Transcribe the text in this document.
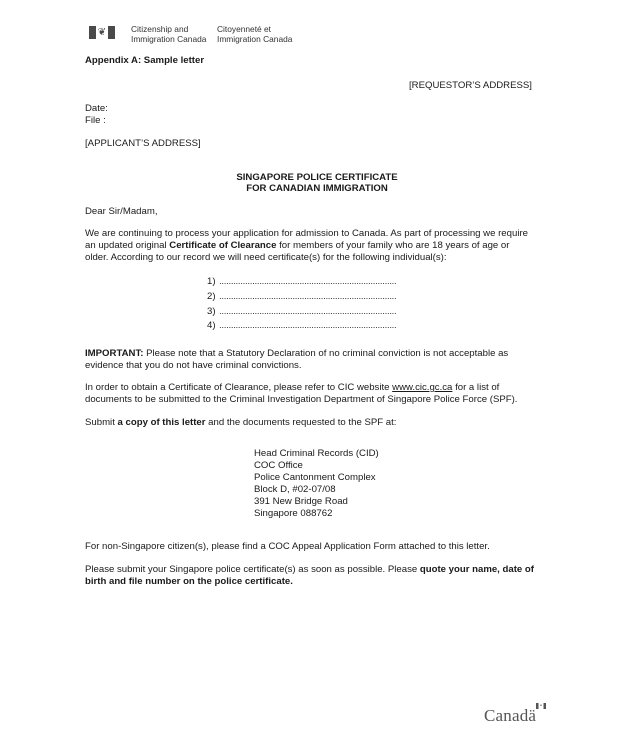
❦	Citizenship and
Immigration Canada
Citoyenneté et
Immigration Canada
Appendix A: Sample letter
[REQUESTOR’S ADDRESS]
Date:
File :
[APPLICANT’S ADDRESS]
SINGAPORE POLICE CERTIFICATE
FOR CANADIAN IMMIGRATION
Dear Sir/Madam,
We are continuing to process your application for admission to Canada. As part of processing we require
an updated original Certificate of Clearance for members of your family who are 18 years of age or
older. According to our record we will need certificate(s) for the following individual(s):
1) ...........................................................................
2) ...........................................................................
3) ...........................................................................
4) ...........................................................................
IMPORTANT: Please note that a Statutory Declaration of no criminal conviction is not acceptable as
evidence that you do not have criminal convictions.
In order to obtain a Certificate of Clearance, please refer to CIC website www.cic.gc.ca for a list of
documents to be submitted to the Criminal Investigation Department of Singapore Police Force (SPF).
Submit a copy of this letter and the documents requested to the SPF at:
Head Criminal Records (CID)
COC Office
Police Cantonment Complex
Block D, #02-07/08
391 New Bridge Road
Singapore 088762
For non-Singapore citizen(s), please find a COC Appeal Application Form attached to this letter.
Please submit your Singapore police certificate(s) as soon as possible. Please quote your name, date of
birth and file number on the police certificate.
Canadä
